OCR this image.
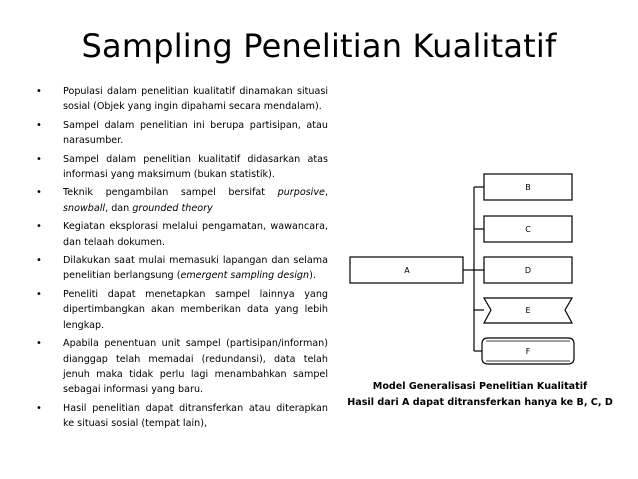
Sampling Penelitian Kualitatif
• Populasi dalam penelitian kualitatif dinamakan situasi sosial (Objek yang ingin dipahami secara mendalam).
• Sampel dalam penelitian ini berupa partisipan, atau narasumber.
• Sampel dalam penelitian kualitatif didasarkan atas informasi yang maksimum (bukan statistik).
• Teknik pengambilan sampel bersifat purposive, snowball, dan grounded theory
• Kegiatan eksplorasi melalui pengamatan, wawancara, dan telaah dokumen.
• Dilakukan saat mulai memasuki lapangan dan selama penelitian berlangsung (emergent sampling design).
• Peneliti dapat menetapkan sampel lainnya yang dipertimbangkan akan memberikan data yang lebih lengkap.
• Apabila penentuan unit sampel (partisipan/informan) dianggap telah memadai (redundansi), data telah jenuh maka tidak perlu lagi menambahkan sampel sebagai informasi yang baru.
• Hasil penelitian dapat ditransferkan atau diterapkan ke situasi sosial (tempat lain),
A
B
C
D
E
F
Model Generalisasi Penelitian Kualitatif
Hasil dari A dapat ditransferkan hanya ke B, C, D
